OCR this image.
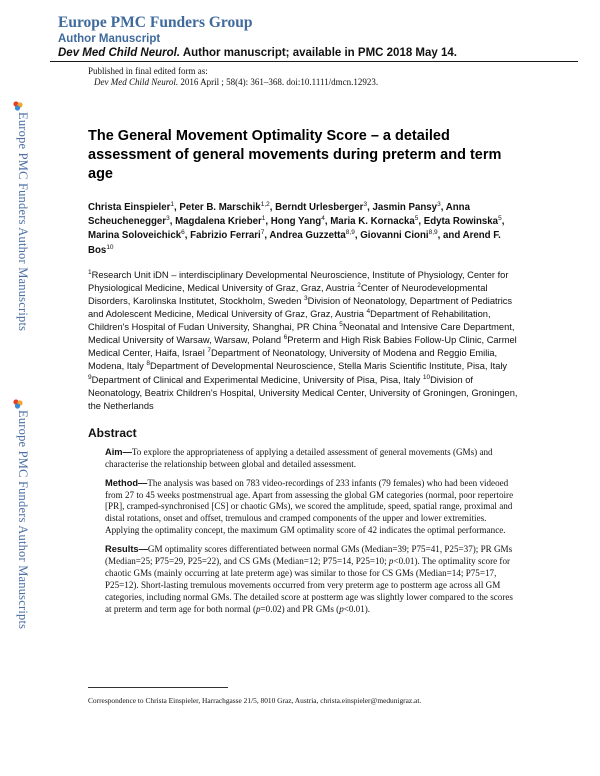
Europe PMC Funders Author Manuscripts
Europe PMC Funders Author Manuscripts
Europe PMC Funders Group
Author Manuscript
Dev Med Child Neurol. Author manuscript; available in PMC 2018 May 14.
Published in final edited form as:
Dev Med Child Neurol. 2016 April ; 58(4): 361–368. doi:10.1111/dmcn.12923.
The General Movement Optimality Score – a detailed assessment of general movements during preterm and term age
Christa Einspieler$^1$, Peter B. Marschik$^{1,2}$, Berndt Urlesberger$^3$, Jasmin Pansy$^3$, Anna Scheuchenegger$^3$, Magdalena Krieber$^1$, Hong Yang$^4$, Maria K. Kornacka$^5$, Edyta Rowinska$^5$, Marina Soloveichick$^6$, Fabrizio Ferrari$^7$, Andrea Guzzetta$^{8,9}$, Giovanni Cioni$^{8,9}$, and Arend F. Bos$^{10}$
$^1$Research Unit iDN – interdisciplinary Developmental Neuroscience, Institute of Physiology, Center for Physiological Medicine, Medical University of Graz, Graz, Austria $^2$Center of Neurodevelopmental Disorders, Karolinska Institutet, Stockholm, Sweden $^3$Division of Neonatology, Department of Pediatrics and Adolescent Medicine, Medical University of Graz, Graz, Austria $^4$Department of Rehabilitation, Children's Hospital of Fudan University, Shanghai, PR China $^5$Neonatal and Intensive Care Department, Medical University of Warsaw, Warsaw, Poland $^6$Preterm and High Risk Babies Follow-Up Clinic, Carmel Medical Center, Haifa, Israel $^7$Department of Neonatology, University of Modena and Reggio Emilia, Modena, Italy $^8$Department of Developmental Neuroscience, Stella Maris Scientific Institute, Pisa, Italy $^9$Department of Clinical and Experimental Medicine, University of Pisa, Pisa, Italy $^{10}$Division of Neonatology, Beatrix Children's Hospital, University Medical Center, University of Groningen, Groningen, the Netherlands
Abstract
Aim—To explore the appropriateness of applying a detailed assessment of general movements (GMs) and characterise the relationship between global and detailed assessment.
Method—The analysis was based on 783 video-recordings of 233 infants (79 females) who had been videoed from 27 to 45 weeks postmenstrual age. Apart from assessing the global GM categories (normal, poor repertoire [PR], cramped-synchronised [CS] or chaotic GMs), we scored the amplitude, speed, spatial range, proximal and distal rotations, onset and offset, tremulous and cramped components of the upper and lower extremities. Applying the optimality concept, the maximum GM optimality score of 42 indicates the optimal performance.
Results—GM optimality scores differentiated between normal GMs (Median=39; P75=41, P25=37); PR GMs (Median=25; P75=29, P25=22), and CS GMs (Median=12; P75=14, P25=10; p<0.01). The optimality score for chaotic GMs (mainly occurring at late preterm age) was similar to those for CS GMs (Median=14; P75=17, P25=12). Short-lasting tremulous movements occurred from very preterm age to postterm age across all GM categories, including normal GMs. The detailed score at postterm age was slightly lower compared to the scores at preterm and term age for both normal (p=0.02) and PR GMs (p<0.01).
Correspondence to Christa Einspieler, Harrachgasse 21/5, 8010 Graz, Austria, christa.einspieler@medunigraz.at.
